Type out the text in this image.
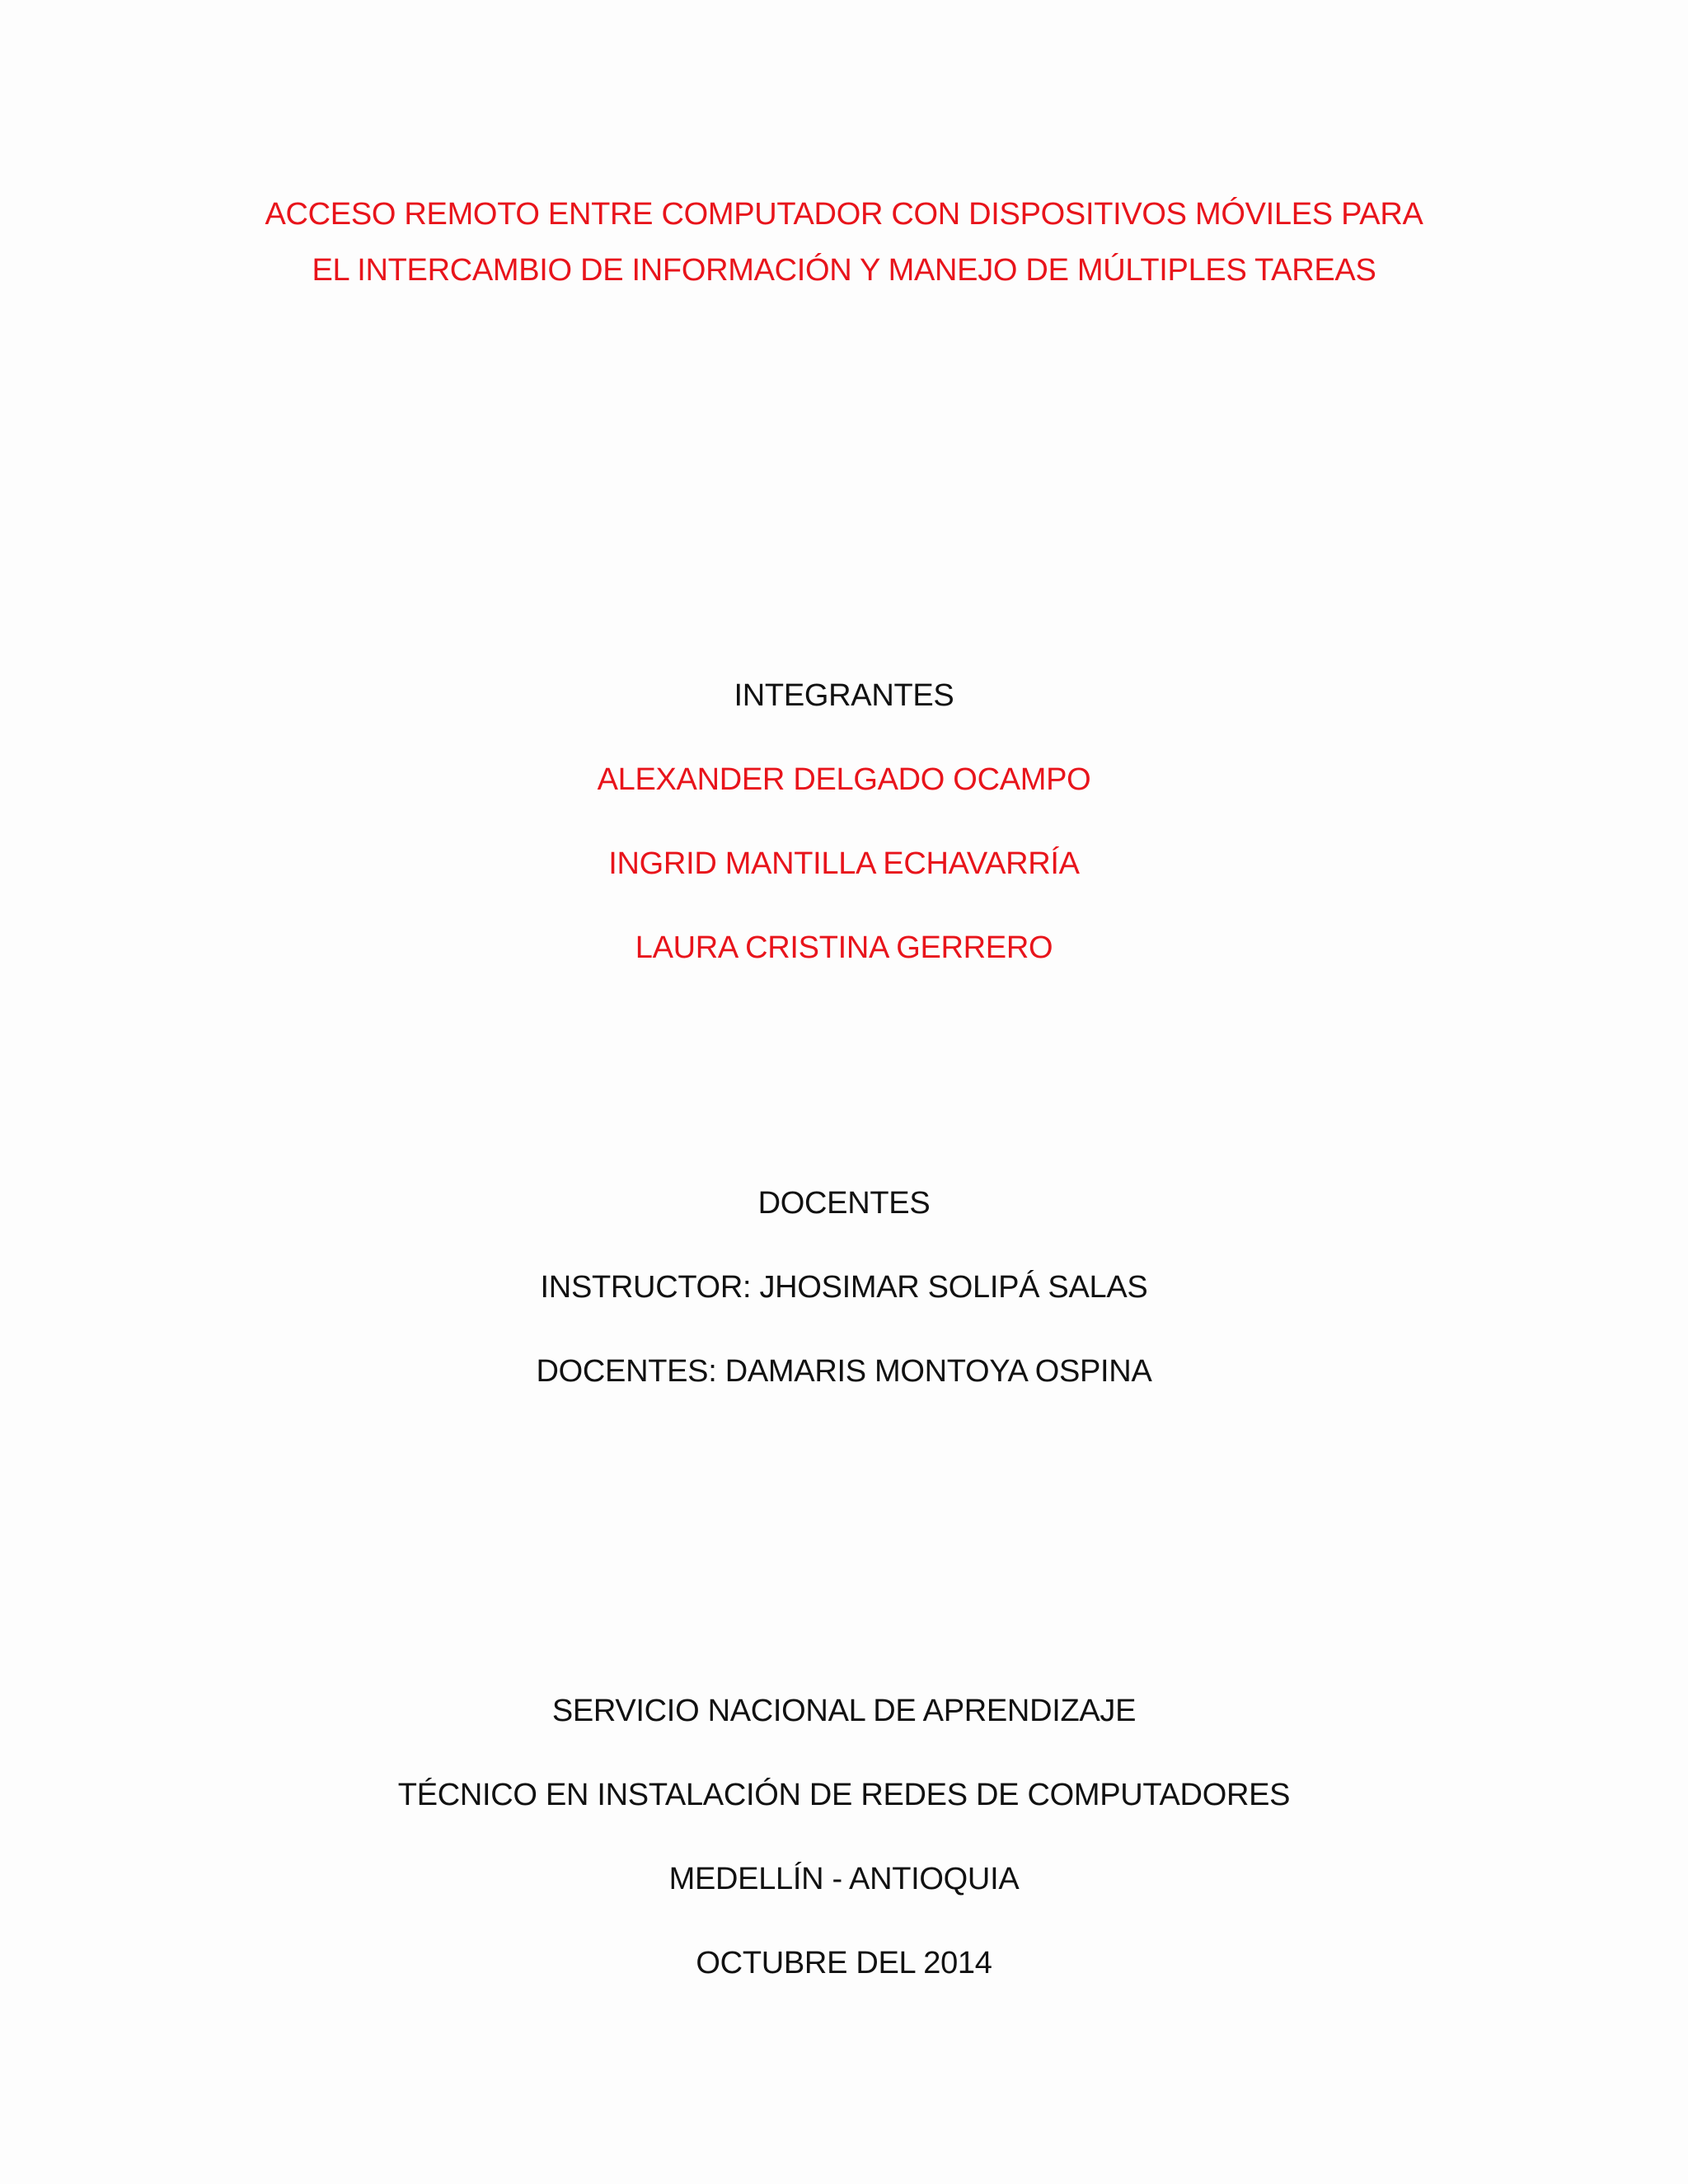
ACCESO REMOTO ENTRE COMPUTADOR CON DISPOSITIVOS MÓVILES PARA
EL INTERCAMBIO DE INFORMACIÓN Y MANEJO DE MÚLTIPLES TAREAS
INTEGRANTES
ALEXANDER DELGADO OCAMPO
INGRID MANTILLA ECHAVARRÍA
LAURA CRISTINA GERRERO
DOCENTES
INSTRUCTOR: JHOSIMAR SOLIPÁ SALAS
DOCENTES: DAMARIS MONTOYA OSPINA
SERVICIO NACIONAL DE APRENDIZAJE
TÉCNICO EN INSTALACIÓN DE REDES DE COMPUTADORES
MEDELLÍN - ANTIOQUIA
OCTUBRE DEL 2014
